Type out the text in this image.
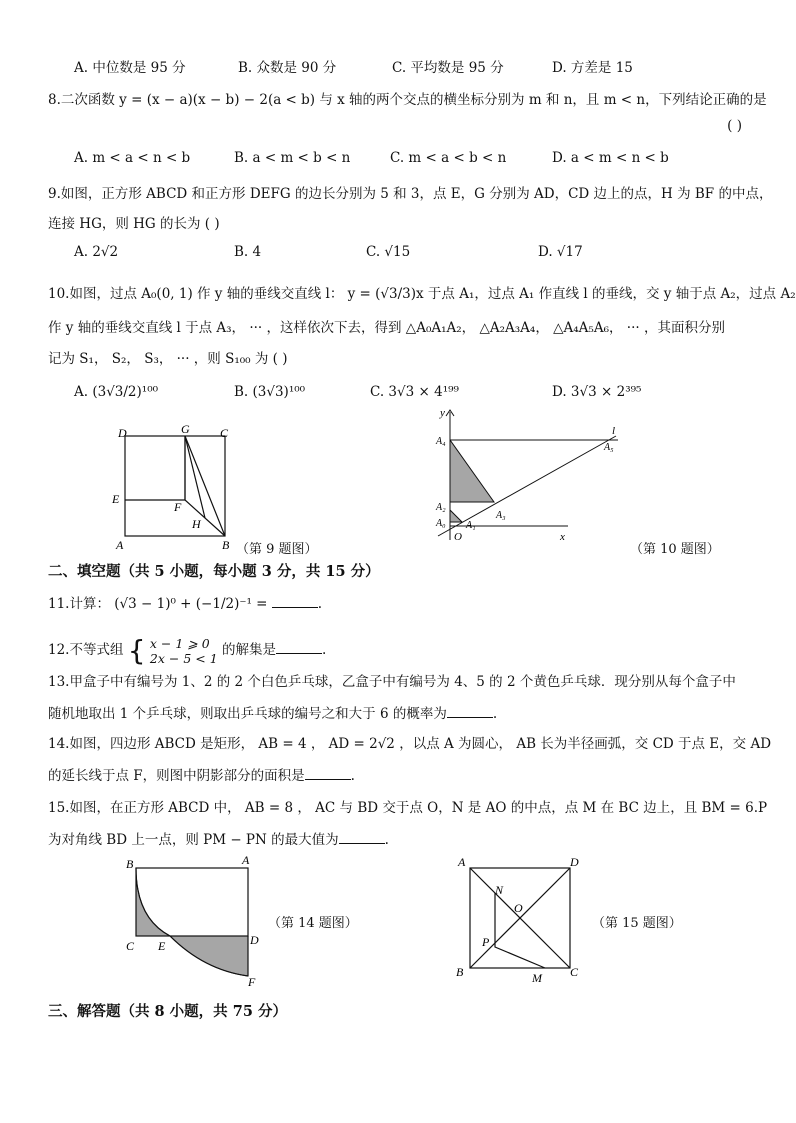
A. 中位数是 95 分	B. 众数是 90 分	C. 平均数是 95 分	D. 方差是 15
8.二次函数 y = (x − a)(x − b) − 2(a < b) 与 x 轴的两个交点的横坐标分别为 m 和 n，且 m < n，下列结论正确的是
( )
A. m < a < n < b	B. a < m < b < n	C. m < a < b < n	D. a < m < n < b
9.如图，正方形 ABCD 和正方形 DEFG 的边长分别为 5 和 3，点 E，G 分别为 AD，CD 边上的点，H 为 BF 的中点，
连接 HG，则 HG 的长为 ( )
A. 2√2	B. 4	C. √15	D. √17
10.如图，过点 A₀(0, 1) 作 y 轴的垂线交直线 l： y = (√3/3)x 于点 A₁，过点 A₁ 作直线 l 的垂线，交 y 轴于点 A₂，过点 A₂
作 y 轴的垂线交直线 l 于点 A₃， ··· ，这样依次下去，得到 △A₀A₁A₂， △A₂A₃A₄， △A₄A₅A₆， ··· ，其面积分别
记为 S₁， S₂， S₃， ··· ，则 S₁₀₀ 为 ( )
A. (3√3/2)¹⁰⁰	B. (3√3)¹⁰⁰	C. 3√3 × 4¹⁹⁹	D. 3√3 × 2³⁹⁵
D	G	C
E
F
H
A	B （第 9 题图）
y
l
A₄
A₅
A₂
A₃
A₀ A₁
O	x
（第 10 题图）
二、填空题（共 5 小题，每小题 3 分，共 15 分）
11.计算： (√3 − 1)⁰ + (−1/2)⁻¹ =	.
12.不等式组 { x − 1 ⩾ 0
2x − 5 < 1 的解集是	.
13.甲盒子中有编号为 1、2 的 2 个白色乒乓球，乙盒子中有编号为 4、5 的 2 个黄色乒乓球．现分别从每个盒子中
随机地取出 1 个乒乓球，则取出乒乓球的编号之和大于 6 的概率为	.
14.如图，四边形 ABCD 是矩形， AB = 4 ， AD = 2√2 ，以点 A 为圆心， AB 长为半径画弧，交 CD 于点 E，交 AD
的延长线于点 F，则图中阴影部分的面积是	.
15.如图，在正方形 ABCD 中， AB = 8 ， AC 与 BD 交于点 O，N 是 AO 的中点，点 M 在 BC 边上，且 BM = 6.P
为对角线 BD 上一点，则 PM − PN 的最大值为	.
B	A
C E	D
F
（第 14 题图）
A	D
N
O
P
B	M C
（第 15 题图）
三、解答题（共 8 小题，共 75 分）
